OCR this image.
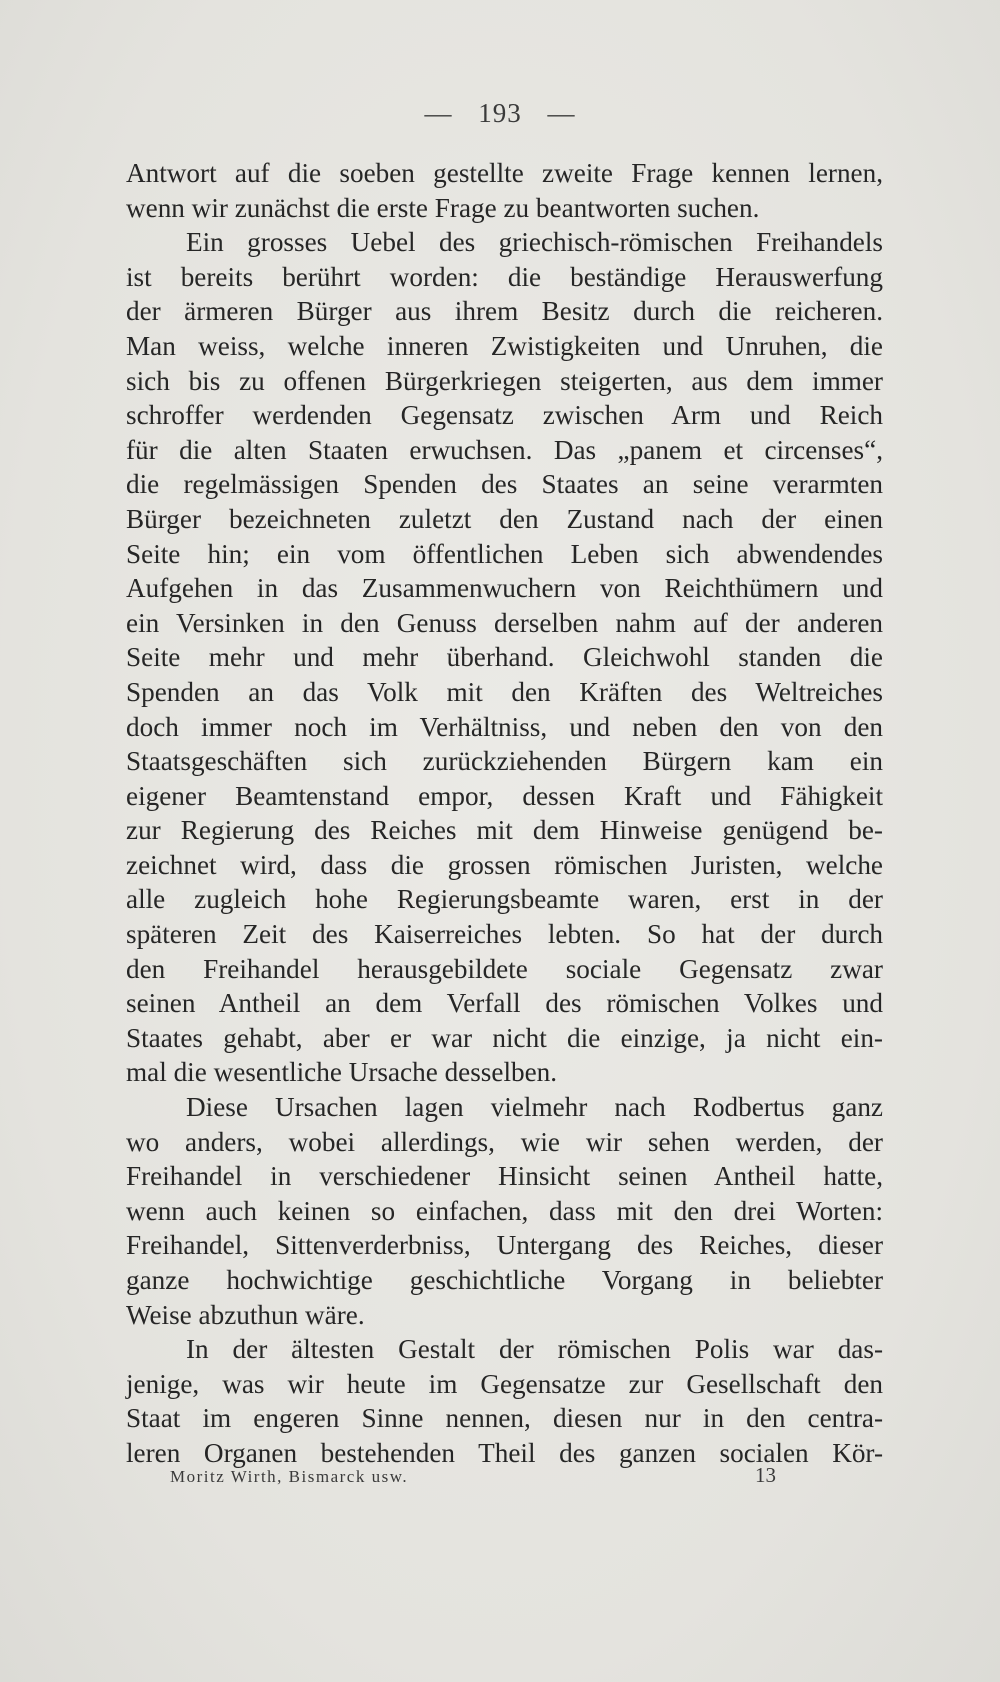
— 193 —
Antwort auf die soeben gestellte zweite Frage kennen lernen,
wenn wir zunächst die erste Frage zu beantworten suchen.
Ein grosses Uebel des griechisch-römischen Freihandels
ist bereits berührt worden: die beständige Herauswerfung
der ärmeren Bürger aus ihrem Besitz durch die reicheren.
Man weiss, welche inneren Zwistigkeiten und Unruhen, die
sich bis zu offenen Bürgerkriegen steigerten, aus dem immer
schroffer werdenden Gegensatz zwischen Arm und Reich
für die alten Staaten erwuchsen. Das „panem et circenses“,
die regelmässigen Spenden des Staates an seine verarmten
Bürger bezeichneten zuletzt den Zustand nach der einen
Seite hin; ein vom öffentlichen Leben sich abwendendes
Aufgehen in das Zusammenwuchern von Reichthümern und
ein Versinken in den Genuss derselben nahm auf der anderen
Seite mehr und mehr überhand. Gleichwohl standen die
Spenden an das Volk mit den Kräften des Weltreiches
doch immer noch im Verhältniss, und neben den von den
Staatsgeschäften sich zurückziehenden Bürgern kam ein
eigener Beamtenstand empor, dessen Kraft und Fähigkeit
zur Regierung des Reiches mit dem Hinweise genügend be-
zeichnet wird, dass die grossen römischen Juristen, welche
alle zugleich hohe Regierungsbeamte waren, erst in der
späteren Zeit des Kaiserreiches lebten. So hat der durch
den Freihandel herausgebildete sociale Gegensatz zwar
seinen Antheil an dem Verfall des römischen Volkes und
Staates gehabt, aber er war nicht die einzige, ja nicht ein-
mal die wesentliche Ursache desselben.
Diese Ursachen lagen vielmehr nach Rodbertus ganz
wo anders, wobei allerdings, wie wir sehen werden, der
Freihandel in verschiedener Hinsicht seinen Antheil hatte,
wenn auch keinen so einfachen, dass mit den drei Worten:
Freihandel, Sittenverderbniss, Untergang des Reiches, dieser
ganze hochwichtige geschichtliche Vorgang in beliebter
Weise abzuthun wäre.
In der ältesten Gestalt der römischen Polis war das-
jenige, was wir heute im Gegensatze zur Gesellschaft den
Staat im engeren Sinne nennen, diesen nur in den centra-
leren Organen bestehenden Theil des ganzen socialen Kör-
Moritz Wirth, Bismarck usw.	13
